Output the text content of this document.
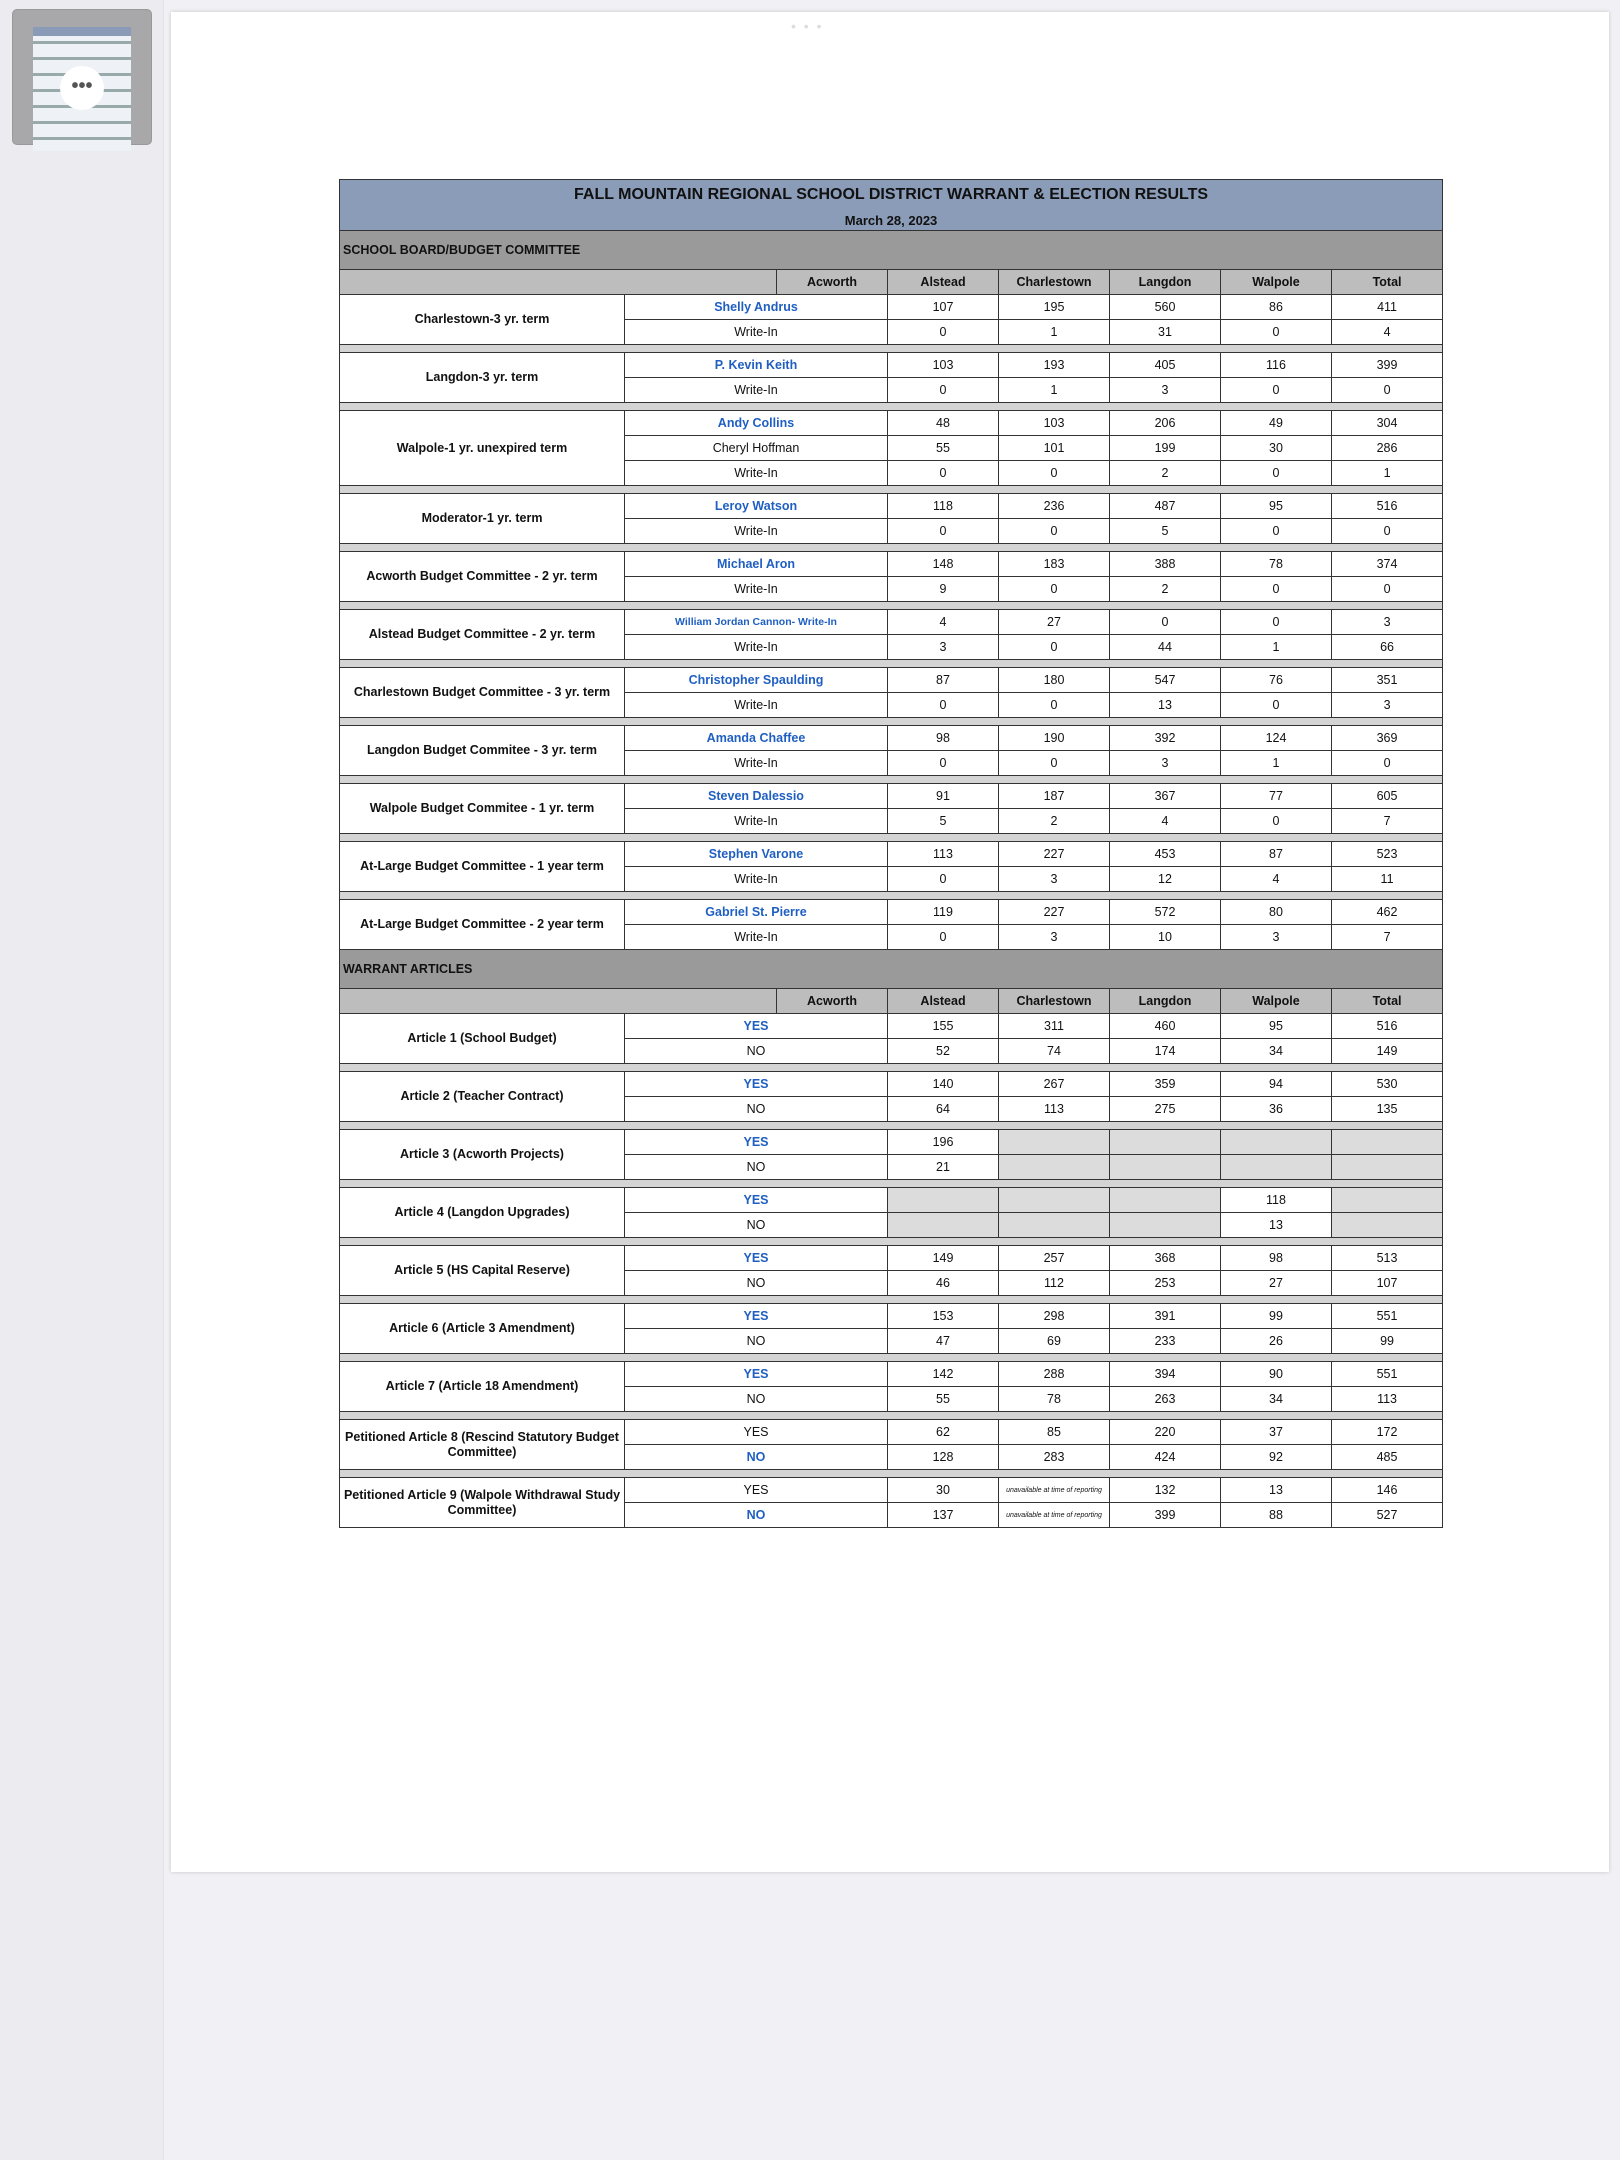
•••
• • •
FALL MOUNTAIN REGIONAL SCHOOL DISTRICT WARRANT & ELECTION RESULTS								
March 28, 2023								
SCHOOL BOARD/BUDGET COMMITTEE								
		Acworth	Alstead	Charlestown	Langdon	Walpole	Total	
Charlestown-3 yr. term	Shelly Andrus		107	195	560	86	411	
	Write-In		0	1	31	0	4	

Langdon-3 yr. term	P. Kevin Keith		103	193	405	116	399	
	Write-In		0	1	3	0	0	

Walpole-1 yr. unexpired term	Andy Collins		48	103	206	49	304	
	Cheryl Hoffman		55	101	199	30	286	
	Write-In		0	0	2	0	1	

Moderator-1 yr. term	Leroy Watson		118	236	487	95	516	
	Write-In		0	0	5	0	0	

Acworth Budget Committee - 2 yr. term	Michael Aron		148	183	388	78	374	
	Write-In		9	0	2	0	0	

Alstead Budget Committee - 2 yr. term	William Jordan Cannon- Write-In		4	27	0	0	3	
	Write-In		3	0	44	1	66	

Charlestown Budget Committee - 3 yr. term	Christopher Spaulding		87	180	547	76	351	
	Write-In		0	0	13	0	3	

Langdon Budget Commitee - 3 yr. term	Amanda Chaffee		98	190	392	124	369	
	Write-In		0	0	3	1	0	

Walpole Budget Commitee - 1 yr. term	Steven Dalessio		91	187	367	77	605	
	Write-In		5	2	4	0	7	

At-Large Budget Committee - 1 year term	Stephen Varone		113	227	453	87	523	
	Write-In		0	3	12	4	11	

At-Large Budget Committee - 2 year term	Gabriel St. Pierre		119	227	572	80	462	
	Write-In		0	3	10	3	7	
WARRANT ARTICLES								
		Acworth	Alstead	Charlestown	Langdon	Walpole	Total	
Article 1 (School Budget)	YES		155	311	460	95	516	
	NO		52	74	174	34	149	

Article 2 (Teacher Contract)	YES		140	267	359	94	530	
	NO		64	113	275	36	135	

Article 3 (Acworth Projects)	YES		196					
	NO		21					

Article 4 (Langdon Upgrades)	YES					118		
	NO					13		

Article 5 (HS Capital Reserve)	YES		149	257	368	98	513	
	NO		46	112	253	27	107	

Article 6 (Article 3 Amendment)	YES		153	298	391	99	551	
	NO		47	69	233	26	99	

Article 7 (Article 18 Amendment)	YES		142	288	394	90	551	
	NO		55	78	263	34	113	

Petitioned Article 8 (Rescind Statutory Budget Committee)	YES		62	85	220	37	172	
	NO		128	283	424	92	485	

Petitioned Article 9 (Walpole Withdrawal Study Committee)	YES		30	unavailable at time of reporting	132	13	146	
	NO		137	unavailable at time of reporting	399	88	527	
